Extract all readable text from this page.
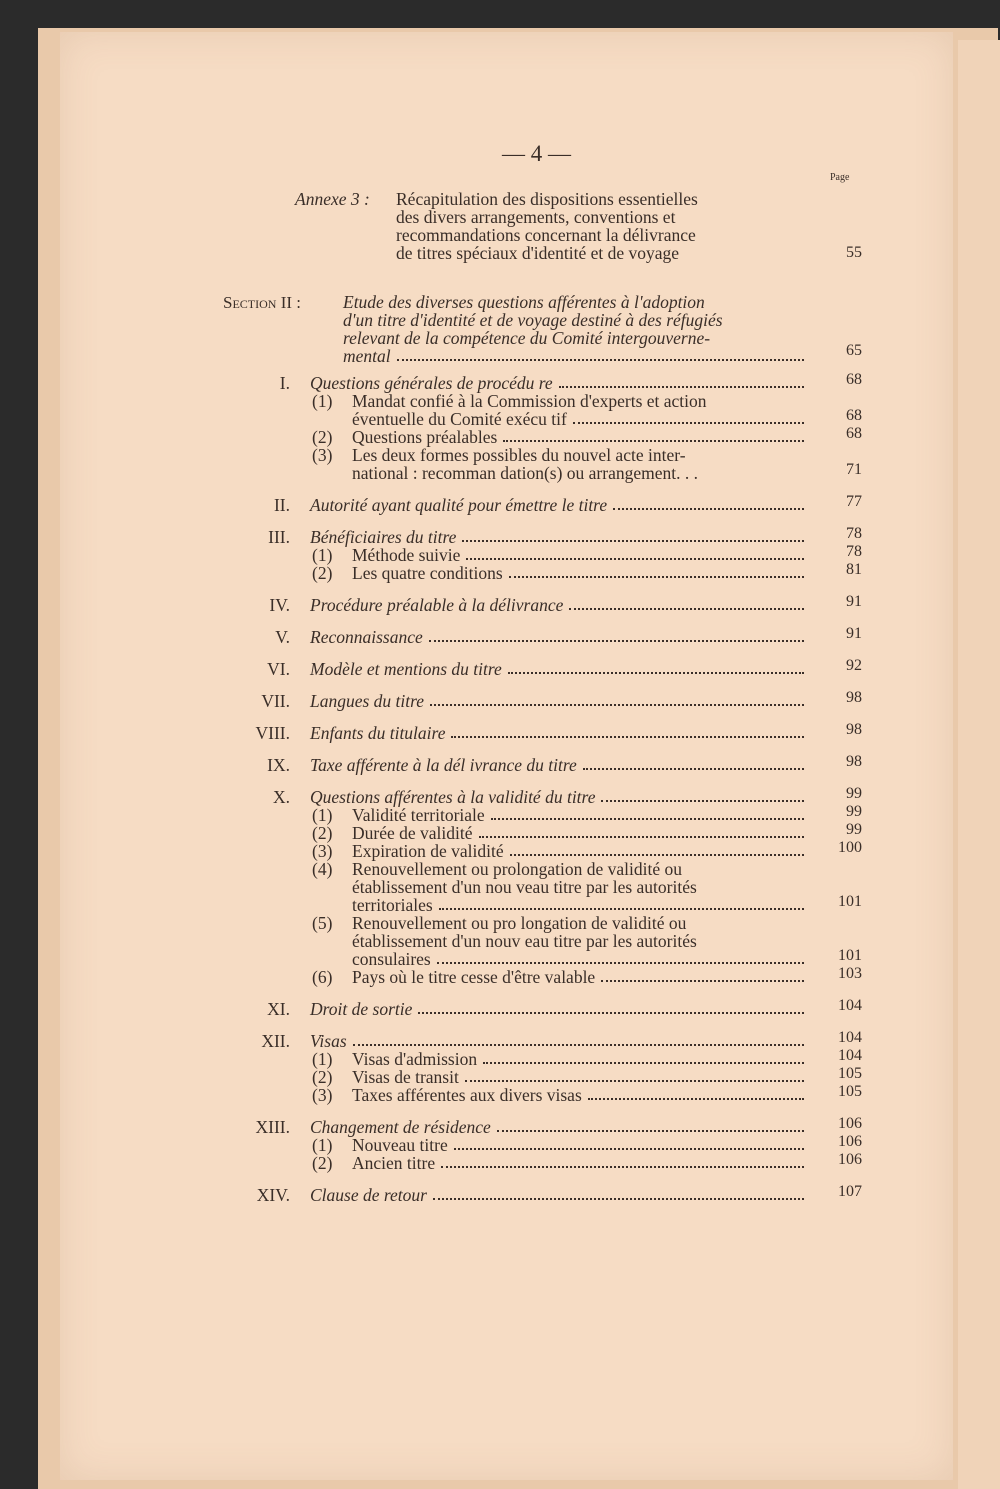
— 4 —
Page
Annexe 3 : Récapitulation des dispositions essentielles
des divers arrangements, conventions et
recommandations concernant la délivrance
de titres spéciaux d'identité et de voyage	55
Section II : Etude des diverses questions afférentes à l'adoption
d'un titre d'identité et de voyage destiné à des réfugiés
relevant de la compétence du Comité intergouverne-
mental	65
I. Questions générales de procédu re	68
(1) Mandat confié à la Commission d'experts et action
éventuelle du Comité exécu tif	68
(2) Questions préalables	68
(3) Les deux formes possibles du nouvel acte inter-
national : recomman dation(s) ou arrangement. . .	71
II. Autorité ayant qualité pour émettre le titre	77
III. Bénéficiaires du titre	78
(1) Méthode suivie	78
(2) Les quatre conditions	81
IV. Procédure préalable à la délivrance	91
V. Reconnaissance	91
VI. Modèle et mentions du titre	92
VII. Langues du titre	98
VIII. Enfants du titulaire	98
IX. Taxe afférente à la dél ivrance du titre	98
X. Questions afférentes à la validité du titre	99
(1) Validité territoriale	99
(2) Durée de validité	99
(3) Expiration de validité	100
(4) Renouvellement ou prolongation de validité ou
établissement d'un nou veau titre par les autorités
territoriales	101
(5) Renouvellement ou pro longation de validité ou
établissement d'un nouv eau titre par les autorités
consulaires	101
(6) Pays où le titre cesse d'être valable	103
XI. Droit de sortie	104
XII. Visas	104
(1) Visas d'admission	104
(2) Visas de transit	105
(3) Taxes afférentes aux divers visas	105
XIII. Changement de résidence	106
(1) Nouveau titre	106
(2) Ancien titre	106
XIV. Clause de retour	107
